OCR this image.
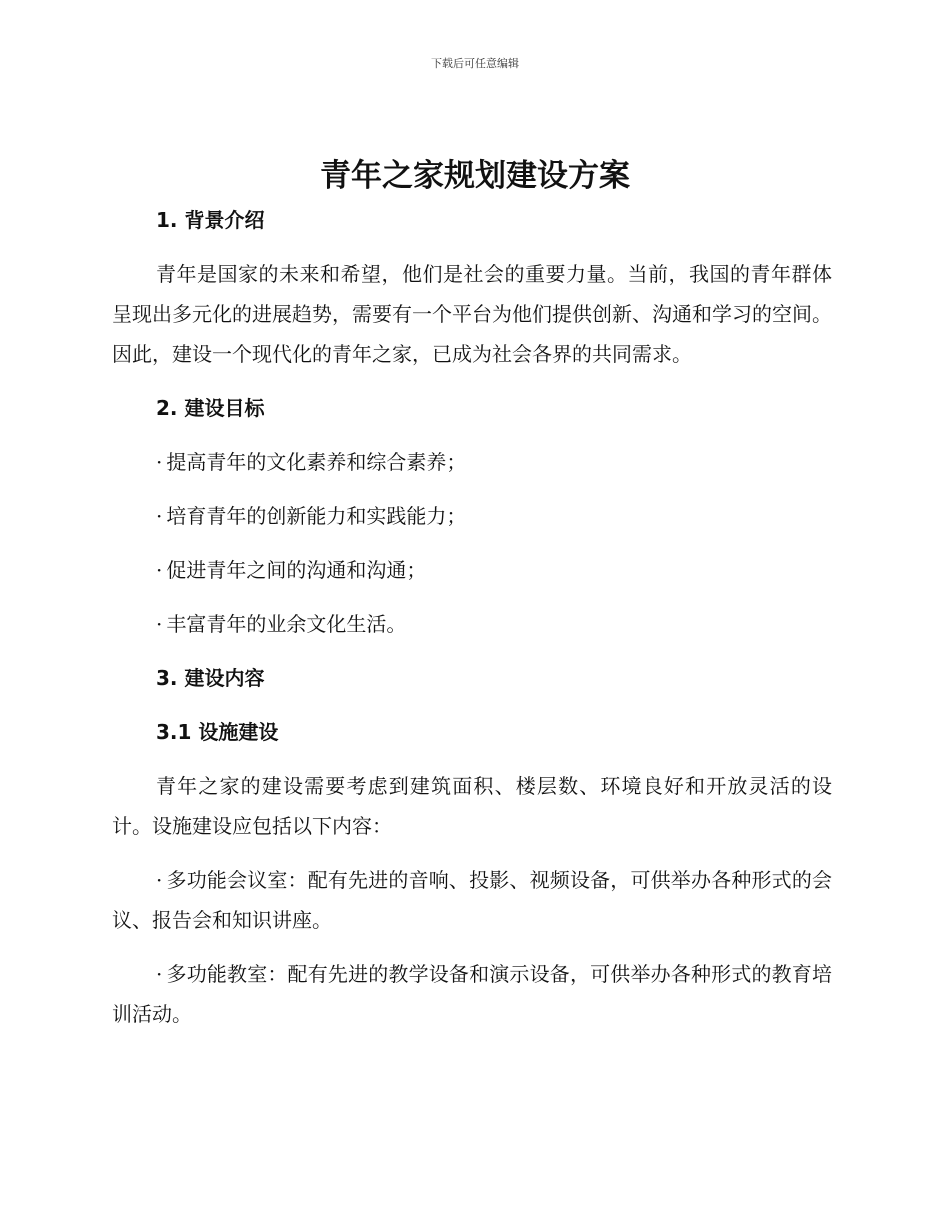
下载后可任意编辑
青年之家规划建设方案
1. 背景介绍
青年是国家的未来和希望，他们是社会的重要力量。当前，我国的青年群体呈现出多元化的进展趋势，需要有一个平台为他们提供创新、沟通和学习的空间。因此，建设一个现代化的青年之家，已成为社会各界的共同需求。
2. 建设目标
· 提高青年的文化素养和综合素养；
· 培育青年的创新能力和实践能力；
· 促进青年之间的沟通和沟通；
· 丰富青年的业余文化生活。
3. 建设内容
3.1 设施建设
青年之家的建设需要考虑到建筑面积、楼层数、环境良好和开放灵活的设计。设施建设应包括以下内容：
· 多功能会议室：配有先进的音响、投影、视频设备，可供举办各种形式的会议、报告会和知识讲座。
· 多功能教室：配有先进的教学设备和演示设备，可供举办各种形式的教育培训活动。
